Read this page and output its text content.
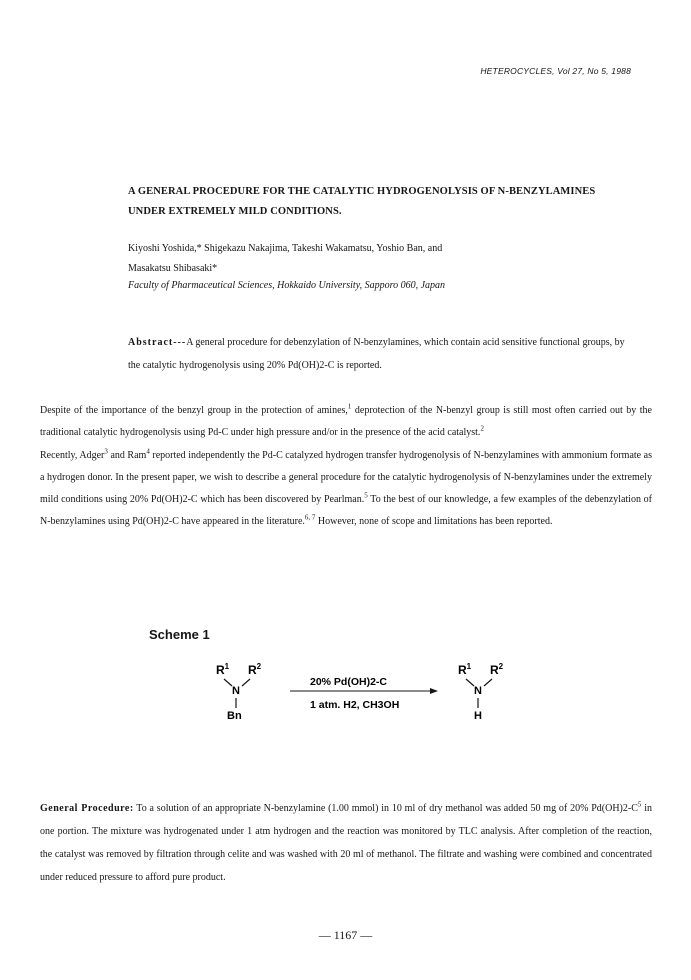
HETEROCYCLES, Vol 27, No 5, 1988
A GENERAL PROCEDURE FOR THE CATALYTIC HYDROGENOLYSIS OF N-BENZYLAMINES
UNDER EXTREMELY MILD CONDITIONS.
Kiyoshi Yoshida,* Shigekazu Nakajima, Takeshi Wakamatsu, Yoshio Ban, and
Masakatsu Shibasaki*
Faculty of Pharmaceutical Sciences, Hokkaido University, Sapporo 060, Japan
Abstract---A general procedure for debenzylation of N-benzylamines, which contain acid sensitive functional groups, by the catalytic hydrogenolysis using 20% Pd(OH)2-C is reported.

Despite of the importance of the benzyl group in the protection of amines,$^1$ deprotection of the N-benzyl group is still most often carried out by the traditional catalytic hydrogenolysis using Pd-C under high pressure and/or in the presence of the acid catalyst.$^2$

Recently, Adger$^3$ and Ram$^4$ reported independently the Pd-C catalyzed hydrogen transfer hydrogenolysis of N-benzylamines with ammonium formate as a hydrogen donor. In the present paper, we wish to describe a general procedure for the catalytic hydrogenolysis of N-benzylamines under the extremely mild conditions using 20% Pd(OH)2-C which has been discovered by Pearlman.$^5$ To the best of our knowledge, a few examples of the debenzylation of N-benzylamines using Pd(OH)2-C have appeared in the literature.$^{6, 7}$ However, none of scope and limitations has been reported.

Scheme 1
$R^1$ $R^2$
N
Bn
20% Pd(OH)2-C
1 atm. H2, CH3OH
$R^1$ $R^2$
N
H
General Procedure: To a solution of an appropriate N-benzylamine (1.00 mmol) in 10 ml of dry methanol was added 50 mg of 20% $Pd(OH)2-C^5$ in one portion. The mixture was hydrogenated under 1 atm hydrogen and the reaction was monitored by TLC analysis. After completion of the reaction, the catalyst was removed by filtration through celite and was washed with 20 ml of methanol. The filtrate and washing were combined and concentrated under reduced pressure to afford pure product.
— 1167 —
